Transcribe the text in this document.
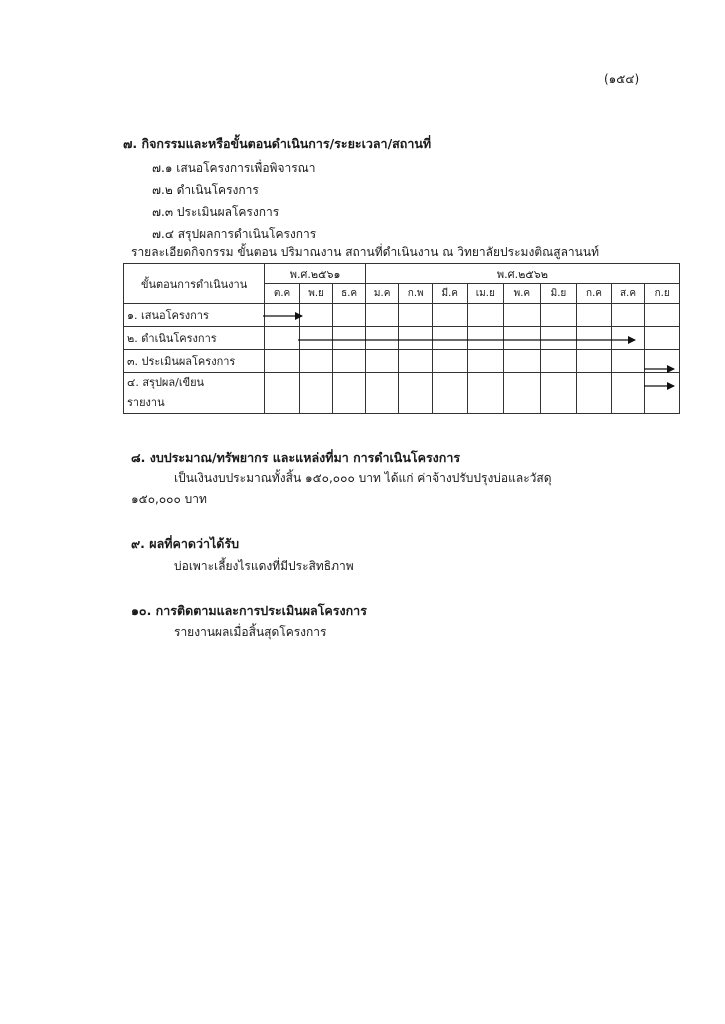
(๑๕๔)
๗. กิจกรรมและหรือขั้นตอนดำเนินการ/ระยะเวลา/สถานที่
๗.๑ เสนอโครงการเพื่อพิจารณา
๗.๒ ดำเนินโครงการ
๗.๓ ประเมินผลโครงการ
๗.๔ สรุปผลการดำเนินโครงการ
รายละเอียดกิจกรรม ขั้นตอน ปริมาณงาน สถานที่ดำเนินงาน ณ วิทยาลัยประมงติณสูลานนท์
ขั้นตอนการดำเนินงาน	พ.ศ.๒๕๖๑			พ.ศ.๒๕๖๒								
	ต.ค	พ.ย	ธ.ค	ม.ค	ก.พ	มี.ค	เม.ย	พ.ค	มิ.ย	ก.ค	ส.ค	ก.ย
๑. เสนอโครงการ												
๒. ดำเนินโครงการ												
๓. ประเมินผลโครงการ												
๔. สรุปผล/เขียน
รายงาน												
๘. งบประมาณ/ทรัพยากร และแหล่งที่มา การดำเนินโครงการ
เป็นเงินงบประมาณทั้งสิ้น ๑๕๐,๐๐๐ บาท ได้แก่ ค่าจ้างปรับปรุงบ่อและวัสดุ
๑๕๐,๐๐๐ บาท
๙. ผลที่คาดว่าได้รับ
บ่อเพาะเลี้ยงไรแดงที่มีประสิทธิภาพ
๑๐. การติดตามและการประเมินผลโครงการ
รายงานผลเมื่อสิ้นสุดโครงการ
